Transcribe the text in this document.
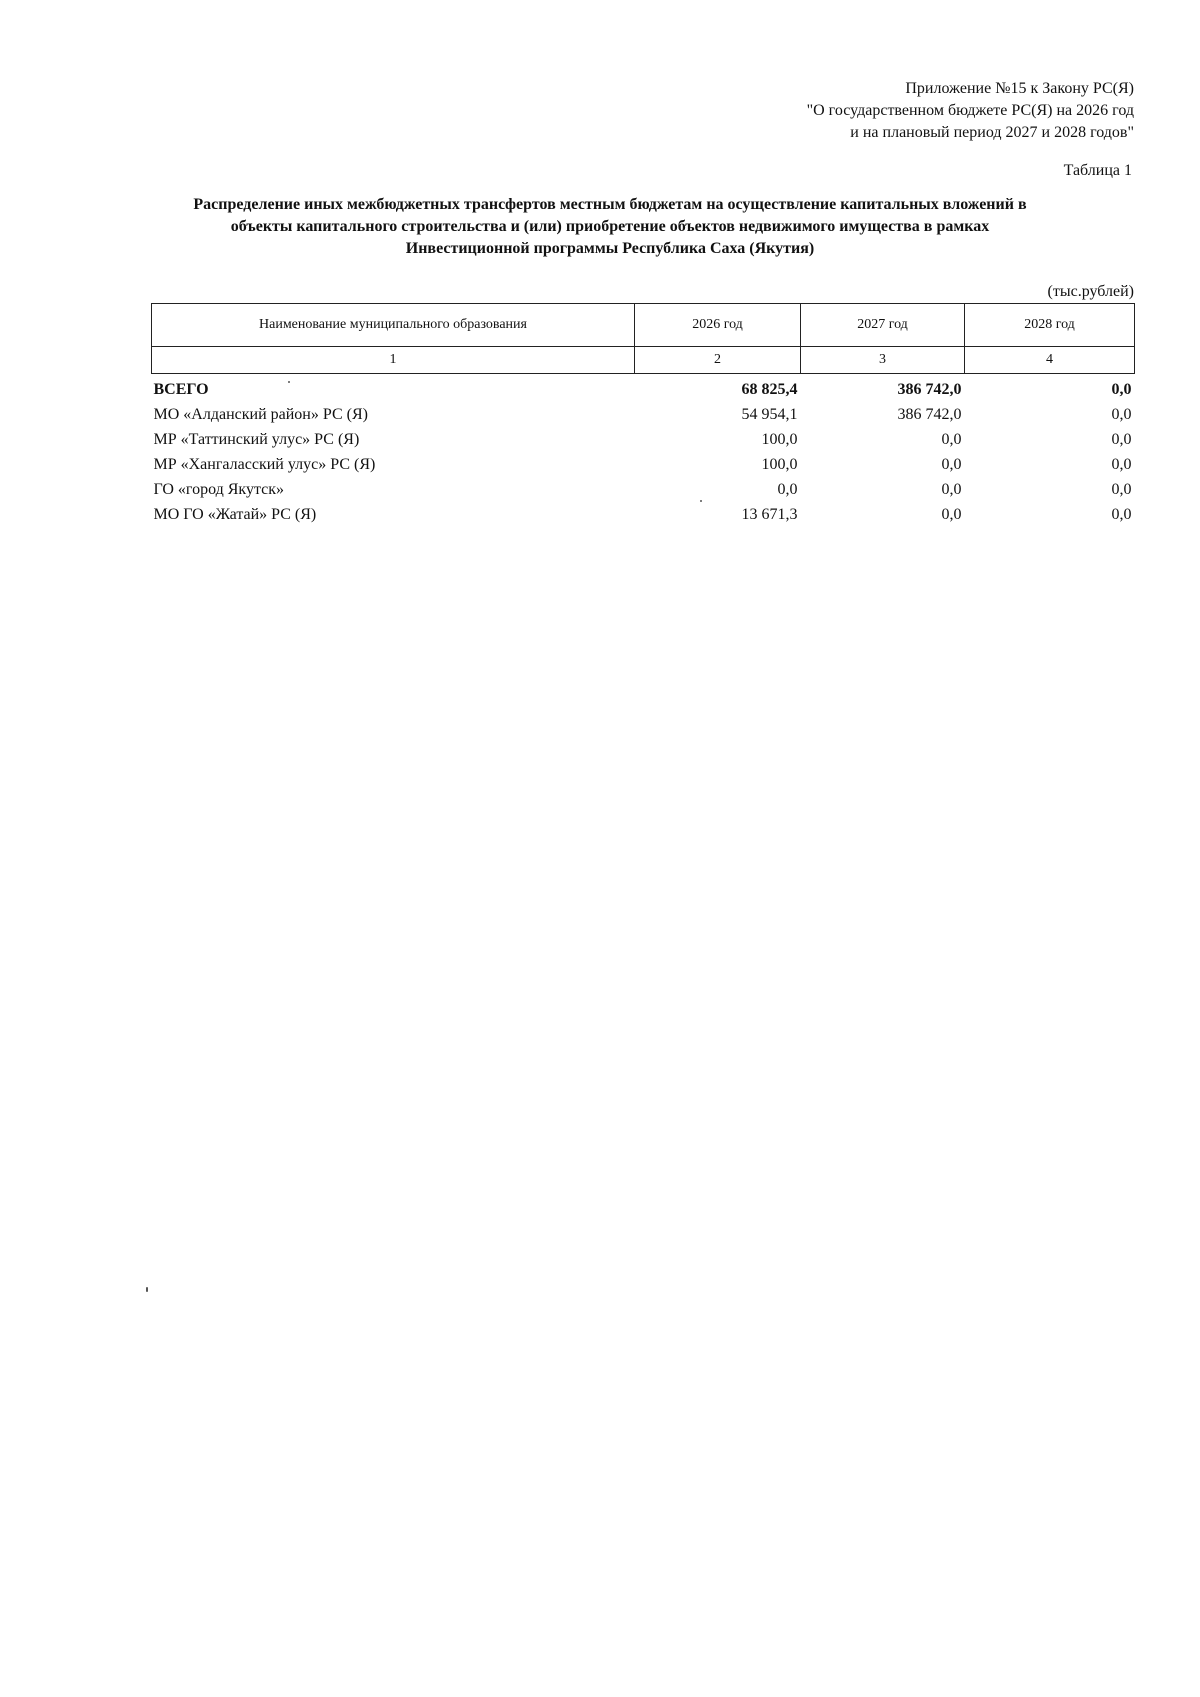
Приложение №15 к Закону РС(Я)
"О государственном бюджете РС(Я) на 2026 год
и на плановый период 2027 и 2028 годов"
Таблица 1
Распределение иных межбюджетных трансфертов местным бюджетам на осуществление капитальных вложений в
объекты капитального строительства и (или) приобретение объектов недвижимого имущества в рамках
Инвестиционной программы Республика Саха (Якутия)
(тыс.рублей)
Наименование муниципального образования	2026 год	2027 год	2028 год
1	2	3	4
ВСЕГО	68 825,4	386 742,0	0,0
МО «Алданский район» РС (Я)	54 954,1	386 742,0	0,0
МР «Таттинский улус» РС (Я)	100,0	0,0	0,0
МР «Хангаласский улус» РС (Я)	100,0	0,0	0,0
ГО «город Якутск»	0,0	0,0	0,0
МО ГО «Жатай» РС (Я)	13 671,3	0,0	0,0
